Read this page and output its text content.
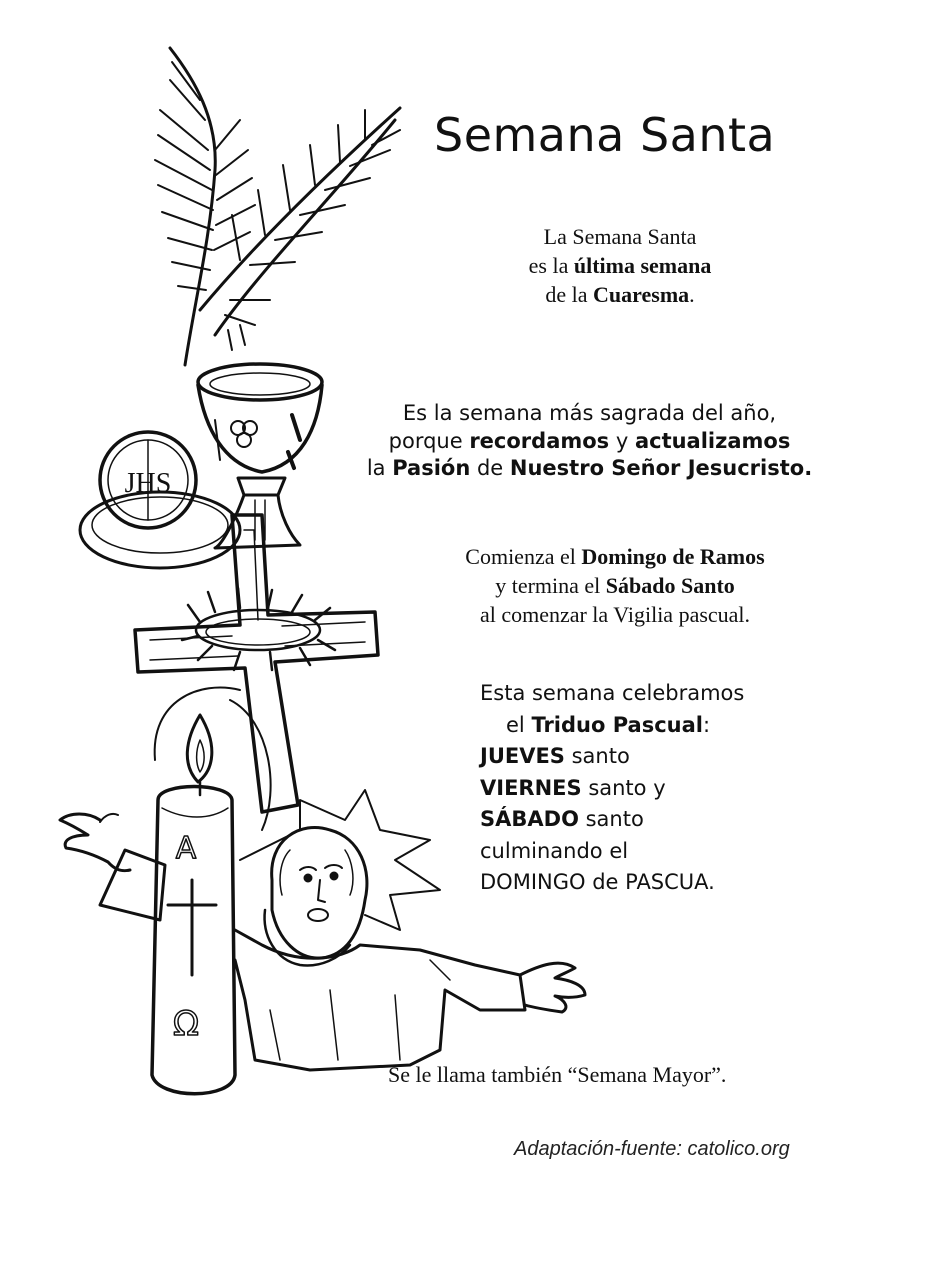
JHS
A
Ω
Semana Santa
La Semana Santa
es la última semana
de la Cuaresma.
Es la semana más sagrada del año,
porque recordamos y actualizamos
la Pasión de Nuestro Señor Jesucristo.
Comienza el Domingo de Ramos
y termina el Sábado Santo
al comenzar la Vigilia pascual.
Esta semana celebramos
el Triduo Pascual:
JUEVES santo
VIERNES santo y
SÁBADO santo
culminando el
DOMINGO de PASCUA.
Se le llama también “Semana Mayor”.
Adaptación-fuente: catolico.org
